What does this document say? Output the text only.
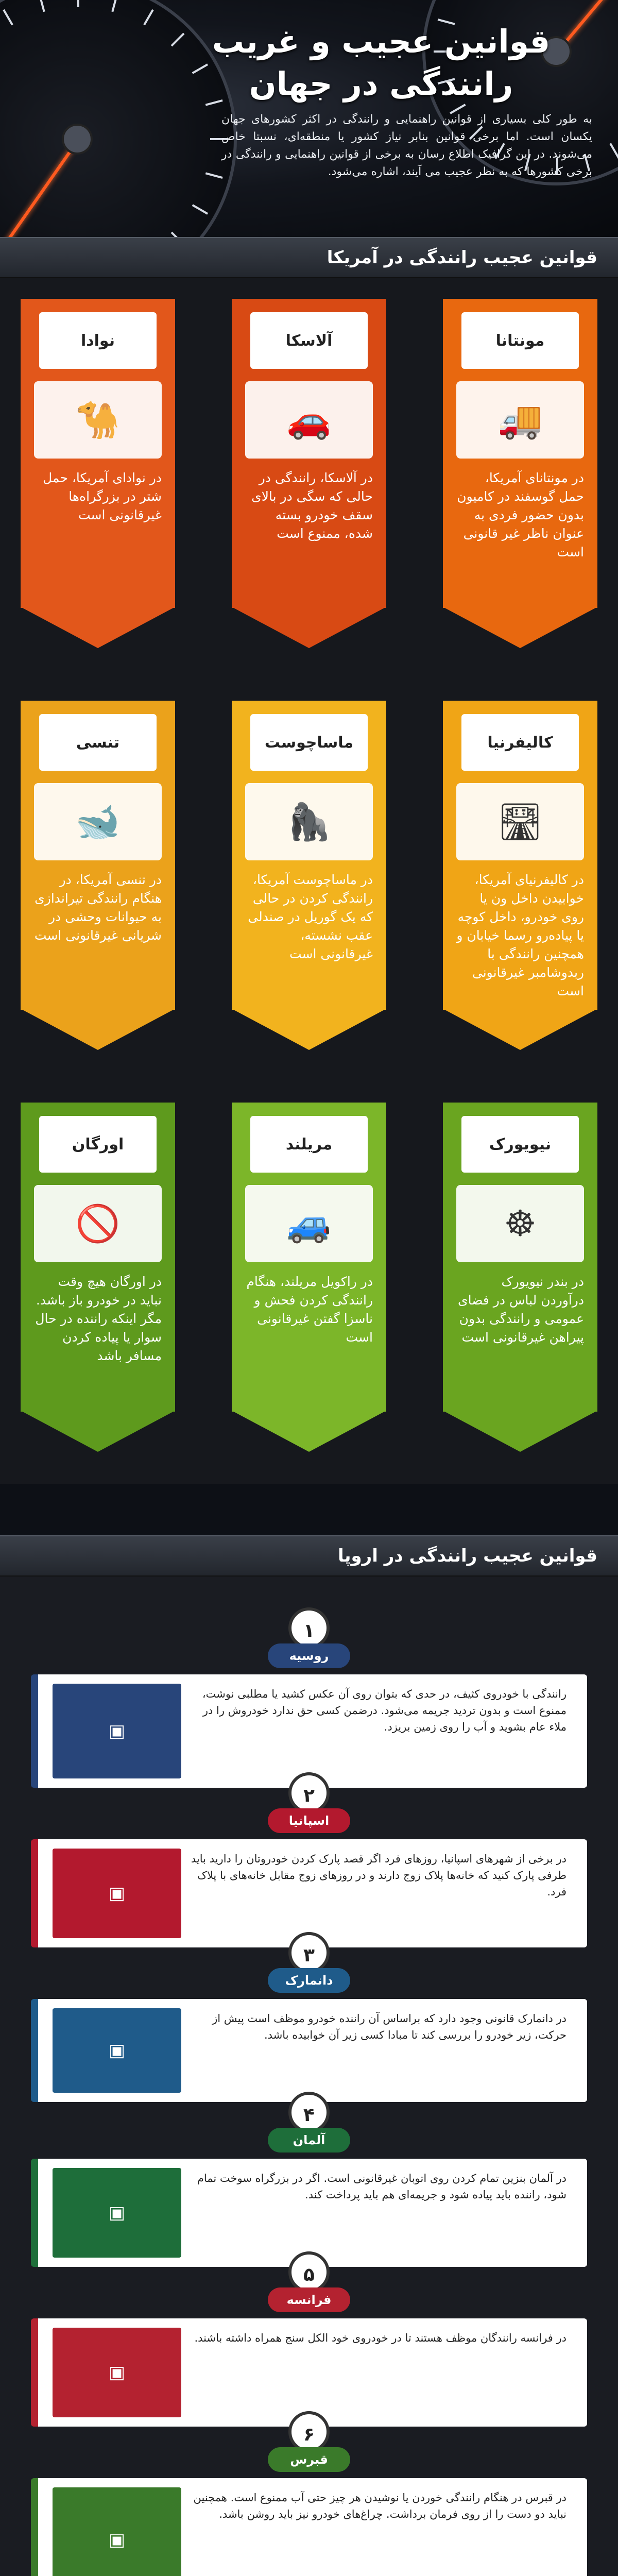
قوانین عجیب و غریب
رانندگی در جهان
به طور کلی بسیاری از قوانین راهنمایی و رانندگی در اکثر کشورهای جهان یکسان است. اما برخی قوانین بنابر نیاز کشور یا منطقه‌ای، نسبتا خاص می‌شوند. در این گرافیک اطلاع رسان به برخی از قوانین راهنمایی و رانندگی در برخی کشورها که به نظر عجیب می آیند، اشاره می‌شود.
قوانین عجیب رانندگی در آمریکا
مونتانا
🚚
در مونتانای آمریکا، حمل گوسفند در کامیون بدون حضور فردی به عنوان ناظر غیر قانونی است
آلاسکا
🚗
در آلاسکا، رانندگی در حالی که سگی در بالای سقف خودرو بسته شده، ممنوع است
نوادا
🐪
در نوادای آمریکا، حمل شتر در بزرگراه‌ها غیرقانونی است
کالیفرنیا
🛣
در کالیفرنیای آمریکا، خوابیدن داخل ون یا روی خودرو، داخل کوچه یا پیاده‌رو رسما خیابان و همچنین رانندگی با ربدوشامبر غیرقانونی است
ماساچوست
🦍
در ماساچوست آمریکا، رانندگی کردن در حالی که یک گوریل در صندلی عقب نشسته، غیرقانونی است
تنسی
🐋
در تنسی آمریکا، در هنگام رانندگی تیراندازی به حیوانات وحشی در شریانی غیرقانونی است
نیویورک
☸
در بندر نیویورک درآوردن لباس در فضای عمومی و رانندگی بدون پیراهن غیرقانونی است
مریلند
🚙
در راکویل مریلند، هنگام رانندگی کردن فحش و ناسزا گفتن غیرقانونی است
اورگان
🚫
در اورگان هیچ وقت نباید در خودرو باز باشد. مگر اینکه راننده در حال سوار یا پیاده کردن مسافر باشد
قوانین عجیب رانندگی در اروپا
۱
روسیه
▣
رانندگی با خودروی کثیف، در حدی که بتوان روی آن عکس کشید یا مطلبی نوشت، ممنوع است و بدون تردید جریمه می‌شود. درضمن کسی حق ندارد خودروش را در ملاء عام بشوید و آب را روی زمین بریزد.
۲
اسپانیا
▣
در برخی از شهرهای اسپانیا، روزهای فرد اگر قصد پارک کردن خودروتان را دارید باید طرفی پارک کنید که خانه‌ها پلاک زوج دارند و در روزهای زوج مقابل خانه‌های با پلاک فرد.
۳
دانمارک
▣
در دانمارک قانونی وجود دارد که براساس آن راننده خودرو موظف است پیش از حرکت، زیر خودرو را بررسی کند تا مبادا کسی زیر آن خوابیده باشد.
۴
آلمان
▣
در آلمان بنزین تمام کردن روی اتوبان غیرقانونی است. اگر در بزرگراه سوخت تمام شود، راننده باید پیاده شود و جریمه‌ای هم باید پرداخت کند.
۵
فرانسه
▣
در فرانسه رانندگان موظف هستند تا در خودروی خود الکل سنج همراه داشته باشند.
۶
قبرس
▣
در قبرس در هنگام رانندگی خوردن یا نوشیدن هر چیز حتی آب ممنوع است. همچنین نباید دو دست را از روی فرمان برداشت. چراغ‌های خودرو نیز باید روشن باشد.
